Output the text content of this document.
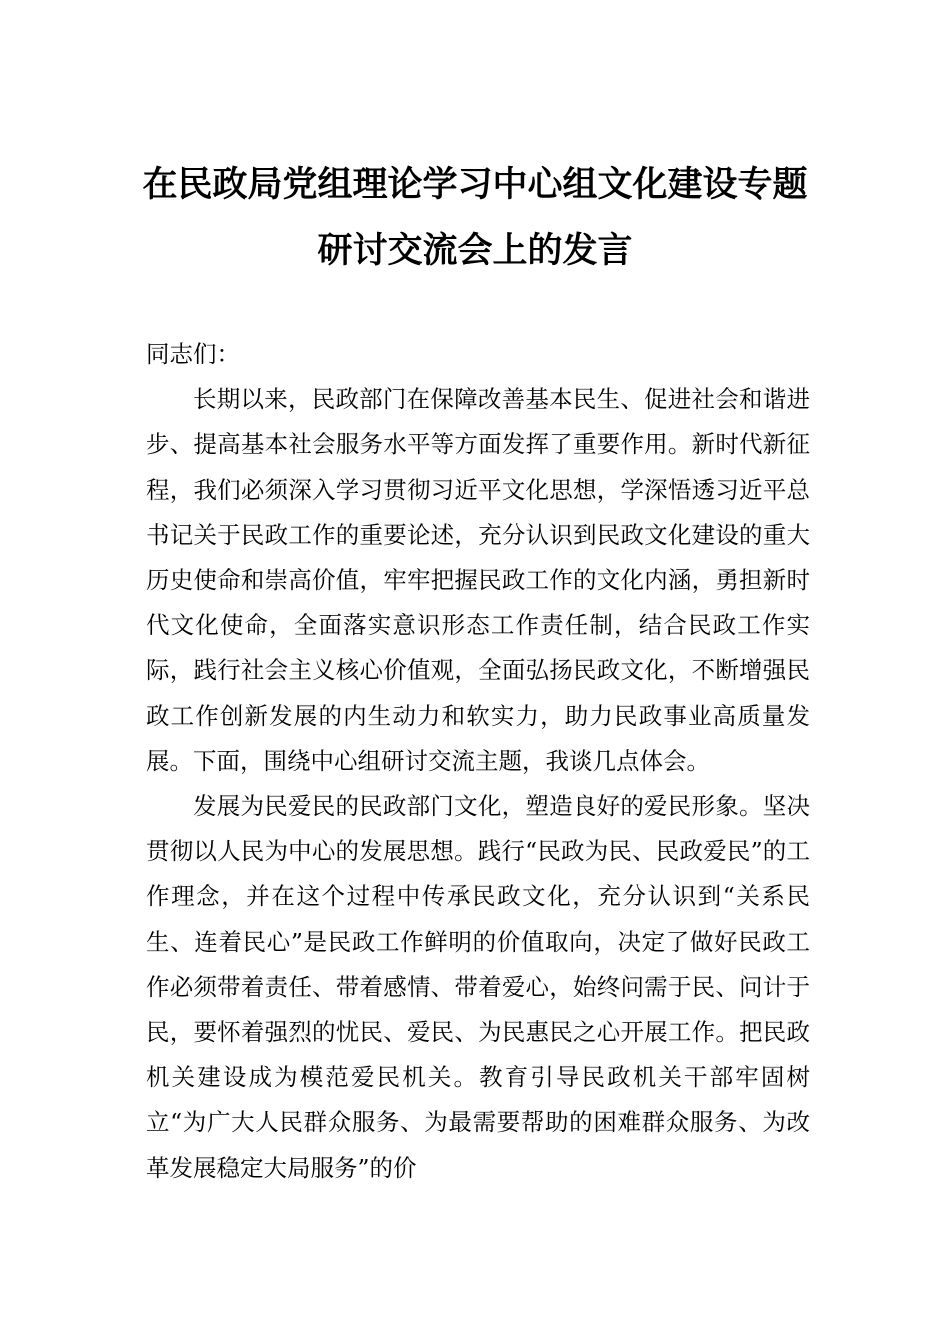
在民政局党组理论学习中心组文化建设专题研讨交流会上的发言

同志们：

长期以来，民政部门在保障改善基本民生、促进社会和谐进步、提高基本社会服务水平等方面发挥了重要作用。新时代新征程，我们必须深入学习贯彻习近平文化思想，学深悟透习近平总书记关于民政工作的重要论述，充分认识到民政文化建设的重大历史使命和崇高价值，牢牢把握民政工作的文化内涵，勇担新时代文化使命，全面落实意识形态工作责任制，结合民政工作实际，践行社会主义核心价值观，全面弘扬民政文化，不断增强民政工作创新发展的内生动力和软实力，助力民政事业高质量发展。下面，围绕中心组研讨交流主题，我谈几点体会。

发展为民爱民的民政部门文化，塑造良好的爱民形象。坚决贯彻以人民为中心的发展思想。践行“民政为民、民政爱民”的工作理念，并在这个过程中传承民政文化，充分认识到“关系民生、连着民心”是民政工作鲜明的价值取向，决定了做好民政工作必须带着责任、带着感情、带着爱心，始终问需于民、问计于民，要怀着强烈的忧民、爱民、为民惠民之心开展工作。把民政机关建设成为模范爱民机关。教育引导民政机关干部牢固树立“为广大人民群众服务、为最需要帮助的困难群众服务、为改革发展稳定大局服务”的价
